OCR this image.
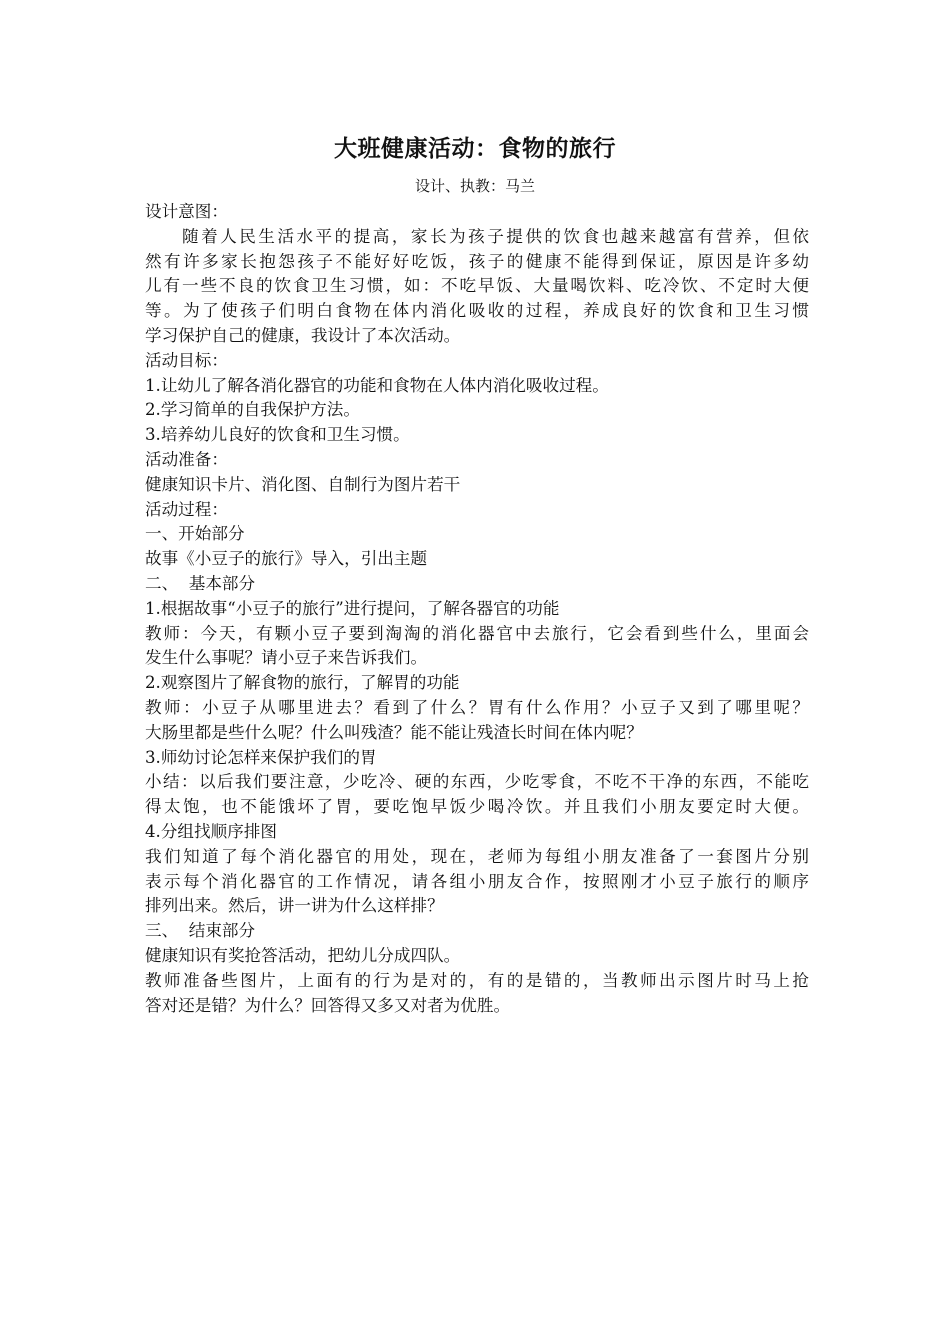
大班健康活动：食物的旅行
设计、执教：马兰

设计意图：

随着人民生活水平的提高，家长为孩子提供的饮食也越来越富有营养，但依

然有许多家长抱怨孩子不能好好吃饭，孩子的健康不能得到保证，原因是许多幼

儿有一些不良的饮食卫生习惯，如：不吃早饭、大量喝饮料、吃冷饮、不定时大便

等。为了使孩子们明白食物在体内消化吸收的过程，养成良好的饮食和卫生习惯

学习保护自己的健康，我设计了本次活动。

活动目标：

1.让幼儿了解各消化器官的功能和食物在人体内消化吸收过程。

2.学习简单的自我保护方法。

3.培养幼儿良好的饮食和卫生习惯。

活动准备：

健康知识卡片、消化图、自制行为图片若干

活动过程：

一、开始部分

故事《小豆子的旅行》导入，引出主题

二、  基本部分

1.根据故事“小豆子的旅行”进行提问，了解各器官的功能

教师：今天，有颗小豆子要到淘淘的消化器官中去旅行，它会看到些什么，里面会

发生什么事呢？请小豆子来告诉我们。

2.观察图片了解食物的旅行，了解胃的功能

教师：小豆子从哪里进去？看到了什么？胃有什么作用？小豆子又到了哪里呢？

大肠里都是些什么呢？什么叫残渣？能不能让残渣长时间在体内呢？

3.师幼讨论怎样来保护我们的胃

小结：以后我们要注意，少吃冷、硬的东西，少吃零食，不吃不干净的东西，不能吃

得太饱，也不能饿坏了胃，要吃饱早饭少喝冷饮。并且我们小朋友要定时大便。

4.分组找顺序排图

我们知道了每个消化器官的用处，现在，老师为每组小朋友准备了一套图片分别

表示每个消化器官的工作情况，请各组小朋友合作，按照刚才小豆子旅行的顺序

排列出来。然后，讲一讲为什么这样排？

三、  结束部分

健康知识有奖抢答活动，把幼儿分成四队。

教师准备些图片，上面有的行为是对的，有的是错的，当教师出示图片时马上抢

答对还是错？为什么？回答得又多又对者为优胜。
